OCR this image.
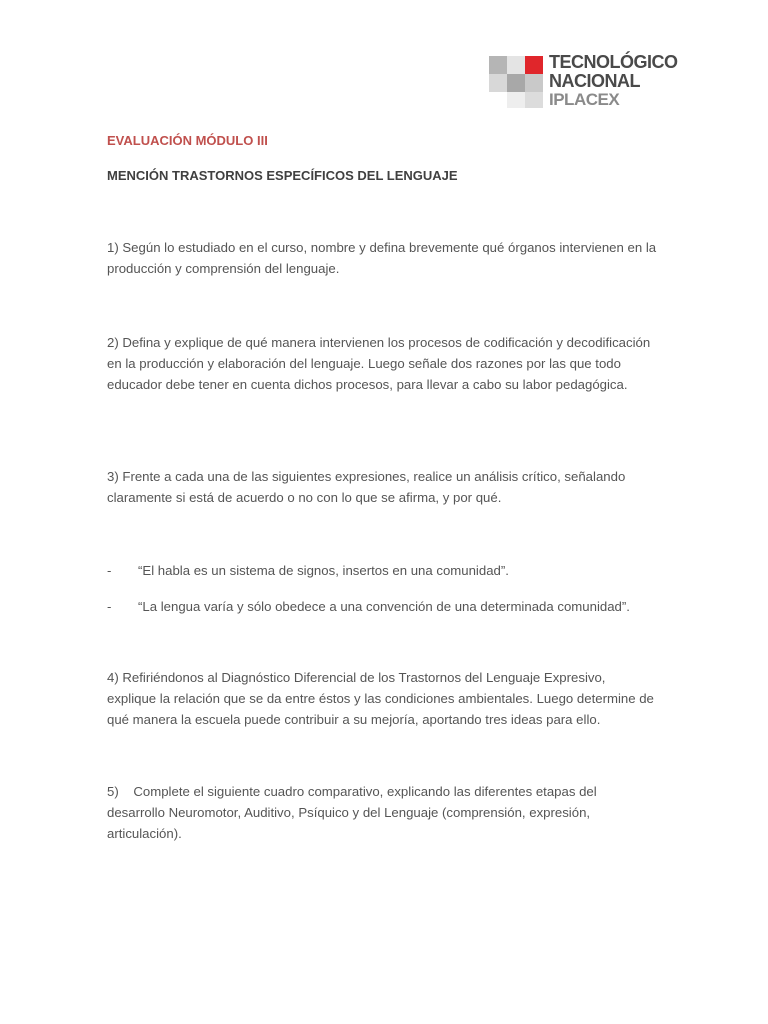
TECNOLÓGICO
NACIONAL
IPLACEX

EVALUACIÓN MÓDULO III

MENCIÓN TRASTORNOS ESPECÍFICOS DEL LENGUAJE

1) Según lo estudiado en el curso, nombre y defina brevemente qué órganos intervienen en la producción y comprensión del lenguaje.

2) Defina y explique de qué manera intervienen los procesos de codificación y decodificación en la producción y elaboración del lenguaje. Luego señale dos razones por las que todo educador debe tener en cuenta dichos procesos, para llevar a cabo su labor pedagógica.

3) Frente a cada una de las siguientes expresiones, realice un análisis crítico, señalando claramente si está de acuerdo o no con lo que se afirma, y por qué.

- “El habla es un sistema de signos, insertos en una comunidad”.

- “La lengua varía y sólo obedece a una convención de una determinada comunidad”.

4) Refiriéndonos al Diagnóstico Diferencial de los Trastornos del Lenguaje Expresivo, explique la relación que se da entre éstos y las condiciones ambientales. Luego determine de qué manera la escuela puede contribuir a su mejoría, aportando tres ideas para ello.

5)    Complete el siguiente cuadro comparativo, explicando las diferentes etapas del desarrollo Neuromotor, Auditivo, Psíquico y del Lenguaje (comprensión, expresión, articulación).
